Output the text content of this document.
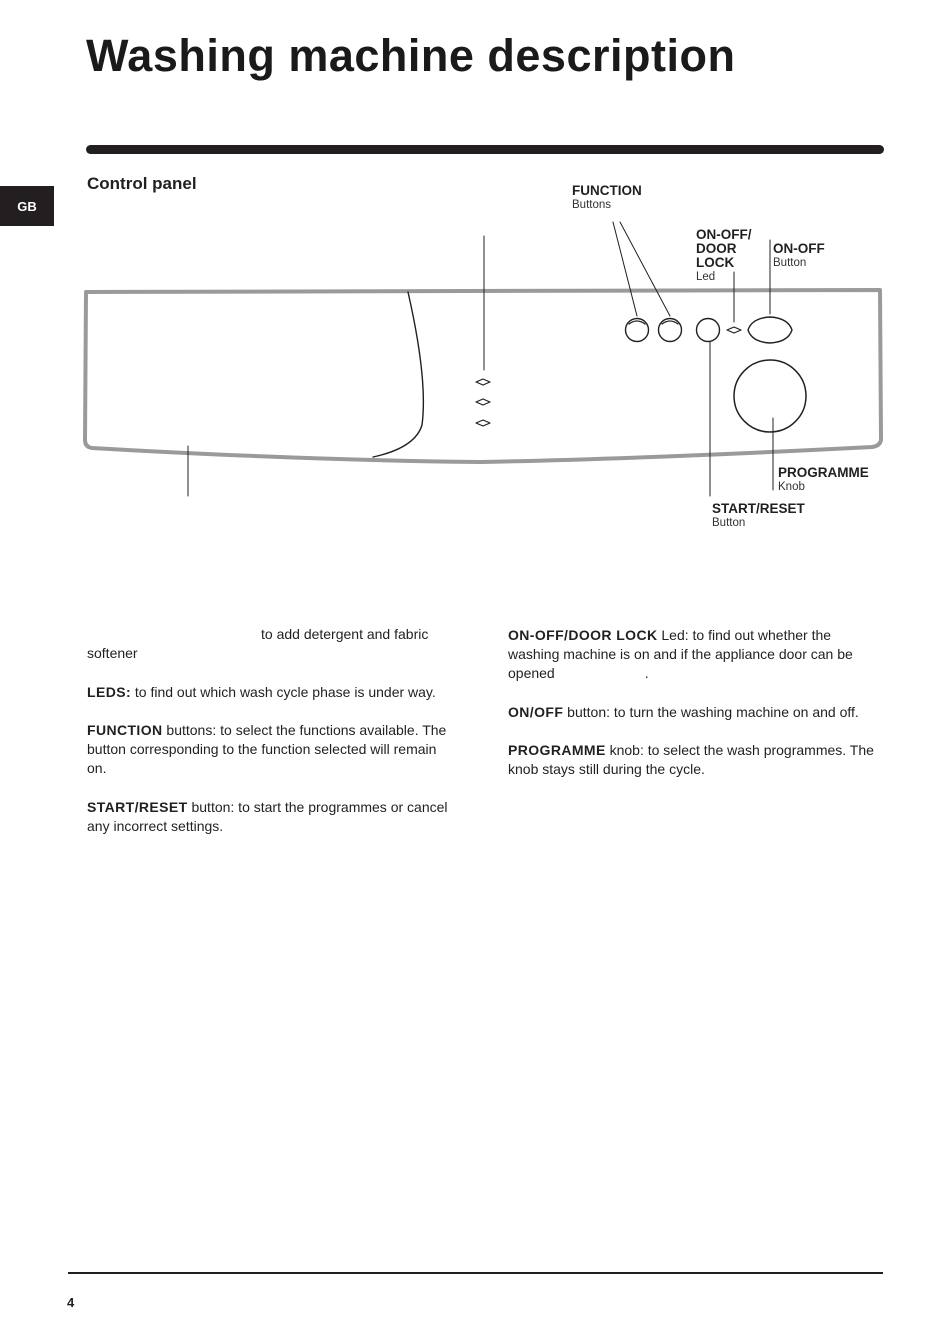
Washing machine description
GB
Control panel	FUNCTION
Buttons
ON-OFF/
DOOR
LOCK
Led
ON-OFF
Button
PROGRAMME
Knob
START/RESET
Button

to add detergent and fabric
softener

LEDS: to find out which wash cycle phase is under way.

FUNCTION buttons: to select the functions available. The button corresponding to the function selected will remain on.

START/RESET button: to start the programmes or cancel any incorrect settings.

ON-OFF/DOOR LOCK Led: to find out whether the washing machine is on and if the appliance door can be opened	.

ON/OFF button: to turn the washing machine on and off.

PROGRAMME knob: to select the wash programmes. The knob stays still during the cycle.

4
